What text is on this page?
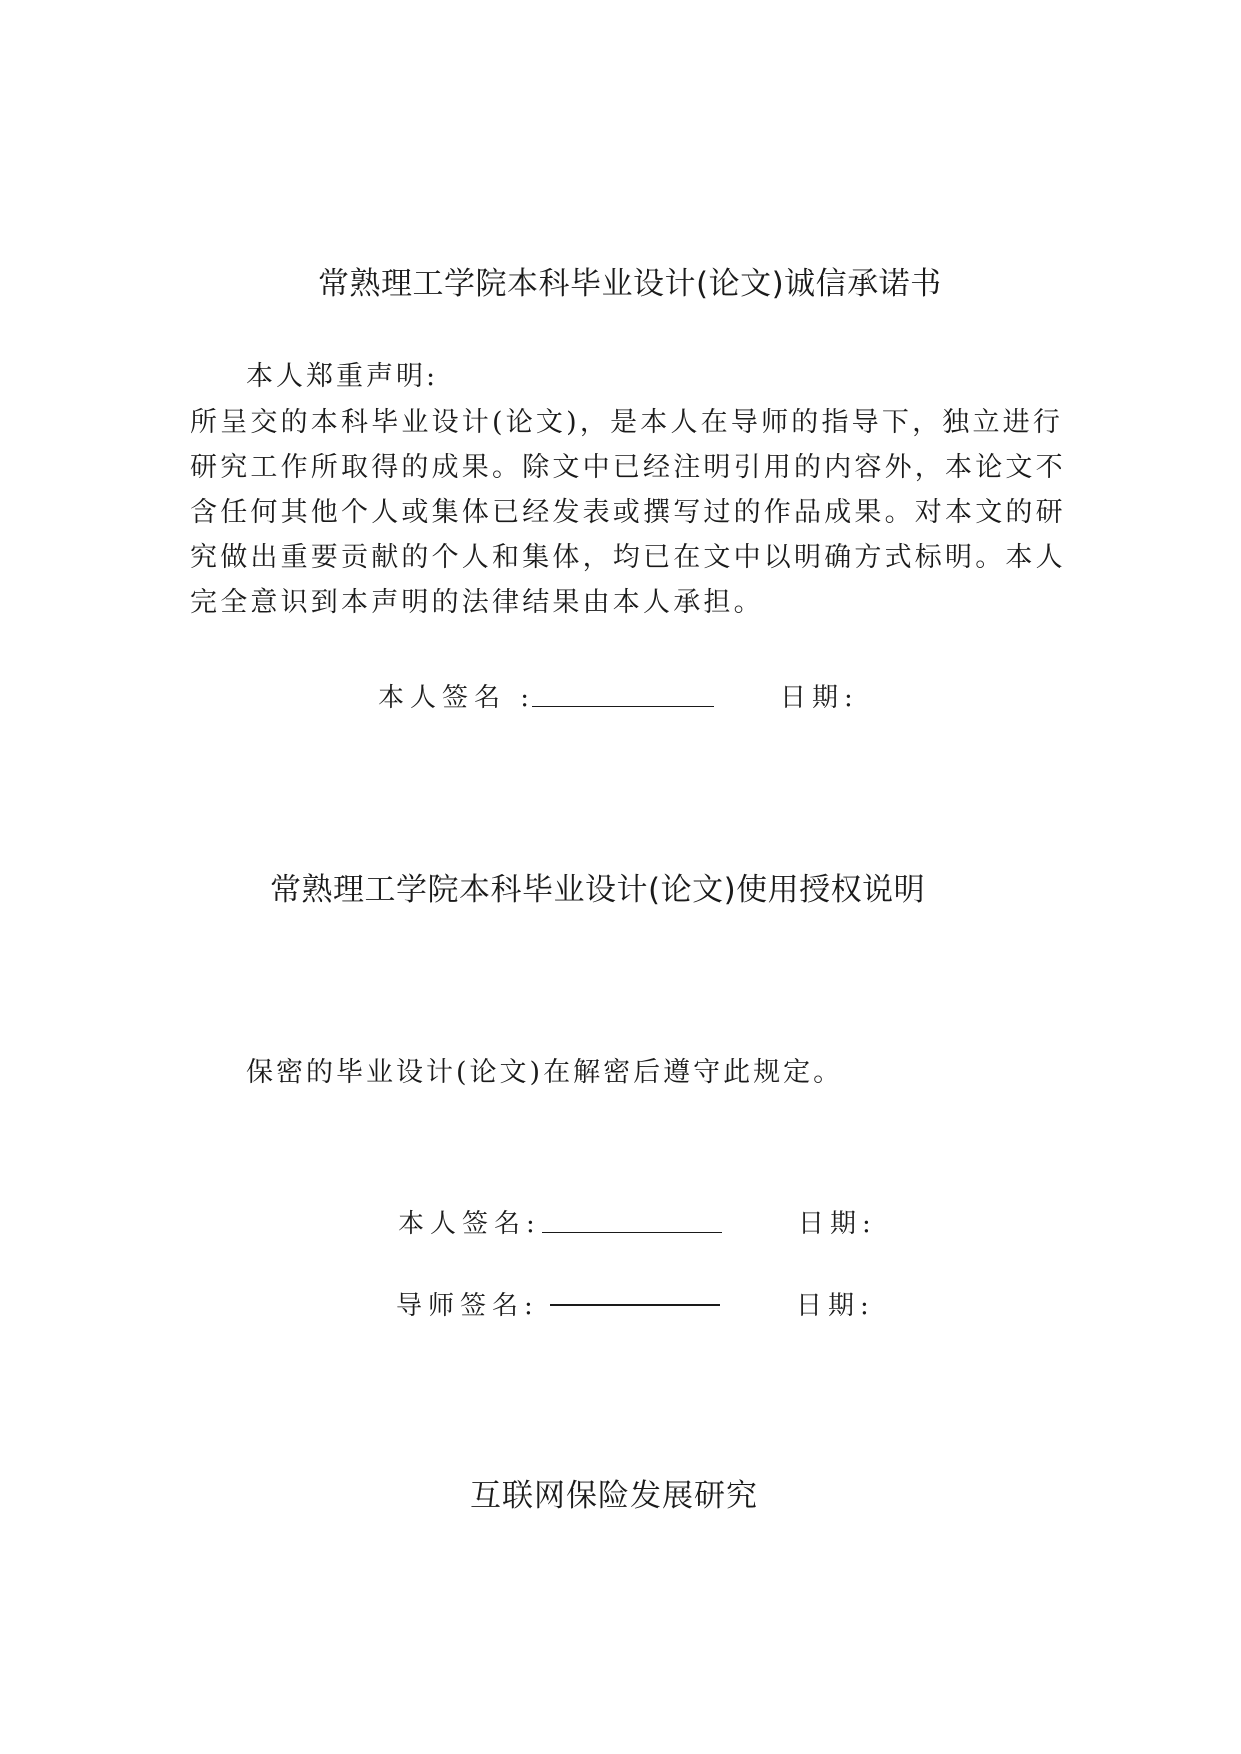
常熟理工学院本科毕业设计(论文)诚信承诺书
本人郑重声明:
所呈交的本科毕业设计(论文)，是本人在导师的指导下，独立进行
研究工作所取得的成果。除文中已经注明引用的内容外，本论文不
含任何其他个人或集体已经发表或撰写过的作品成果。对本文的研
究做出重要贡献的个人和集体，均已在文中以明确方式标明。本人
完全意识到本声明的法律结果由本人承担。
本人签名 :	日期:
常熟理工学院本科毕业设计(论文)使用授权说明
保密的毕业设计(论文)在解密后遵守此规定。
本人签名:	日期:
导师签名:	日期:
互联网保险发展研究
